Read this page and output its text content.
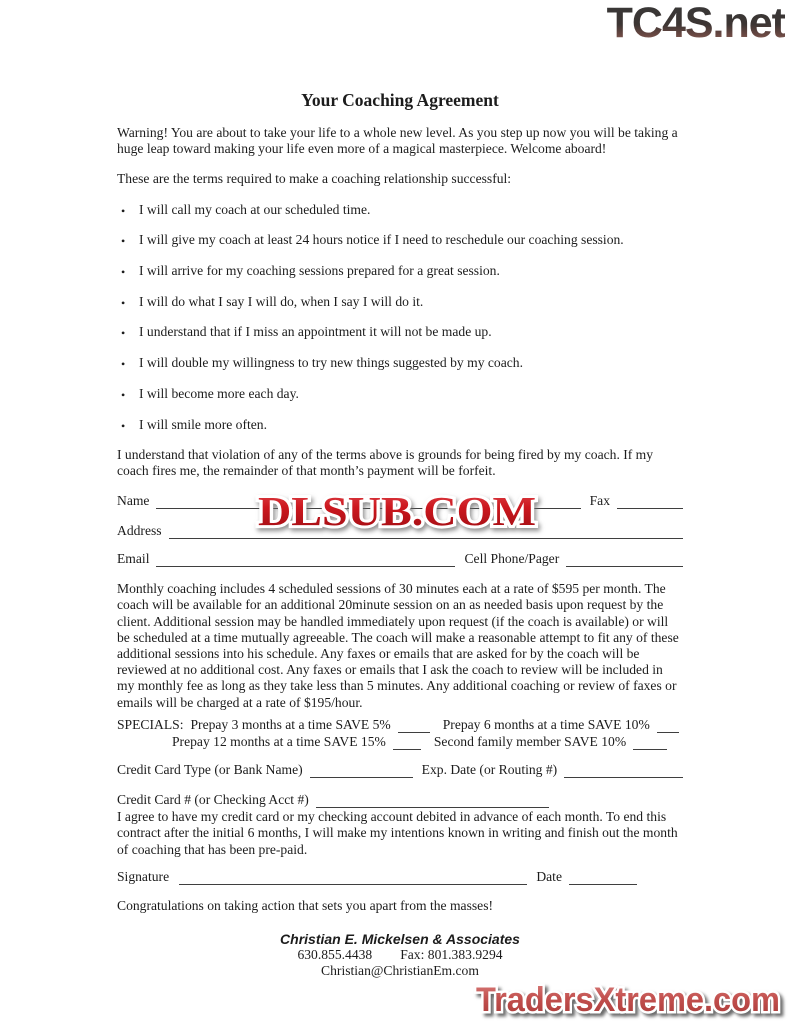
TC4S.net
Your Coaching Agreement

Warning! You are about to take your life to a whole new level. As you step up now you will be taking a huge leap toward making your life even more of a magical masterpiece. Welcome aboard!

These are the terms required to make a coaching relationship successful:

• I will call my coach at our scheduled time.
• I will give my coach at least 24 hours notice if I need to reschedule our coaching session.
• I will arrive for my coaching sessions prepared for a great session.
• I will do what I say I will do, when I say I will do it.
• I understand that if I miss an appointment it will not be made up.
• I will double my willingness to try new things suggested by my coach.
• I will become more each day.
• I will smile more often.

I understand that violation of any of the terms above is grounds for being fired by my coach. If my coach fires me, the remainder of that month’s payment will be forfeit.

Name	Fax
Address
Email	Cell Phone/Pager

Monthly coaching includes 4 scheduled sessions of 30 minutes each at a rate of $595 per month. The coach will be available for an additional 20minute session on an as needed basis upon request by the client. Additional session may be handled immediately upon request (if the coach is available) or will be scheduled at a time mutually agreeable. The coach will make a reasonable attempt to fit any of these additional sessions into his schedule. Any faxes or emails that are asked for by the coach will be reviewed at no additional cost. Any faxes or emails that I ask the coach to review will be included in my monthly fee as long as they take less than 5 minutes. Any additional coaching or review of faxes or emails will be charged at a rate of $195/hour.

SPECIALS: Prepay 3 months at a time SAVE 5%	Prepay 6 months at a time SAVE 10%
Prepay 12 months at a time SAVE 15%	Second family member SAVE 10%
Credit Card Type (or Bank Name)	Exp. Date (or Routing #)
Credit Card # (or Checking Acct #)

I agree to have my credit card or my checking account debited in advance of each month. To end this contract after the initial 6 months, I will make my intentions known in writing and finish out the month of coaching that has been pre-paid.

Signature	Date

Congratulations on taking action that sets you apart from the masses!

Christian E. Mickelsen & Associates
630.855.4438 Fax: 801.383.9294
Christian@ChristianEm.com
DLSUB.COM
TradersXtreme.com
